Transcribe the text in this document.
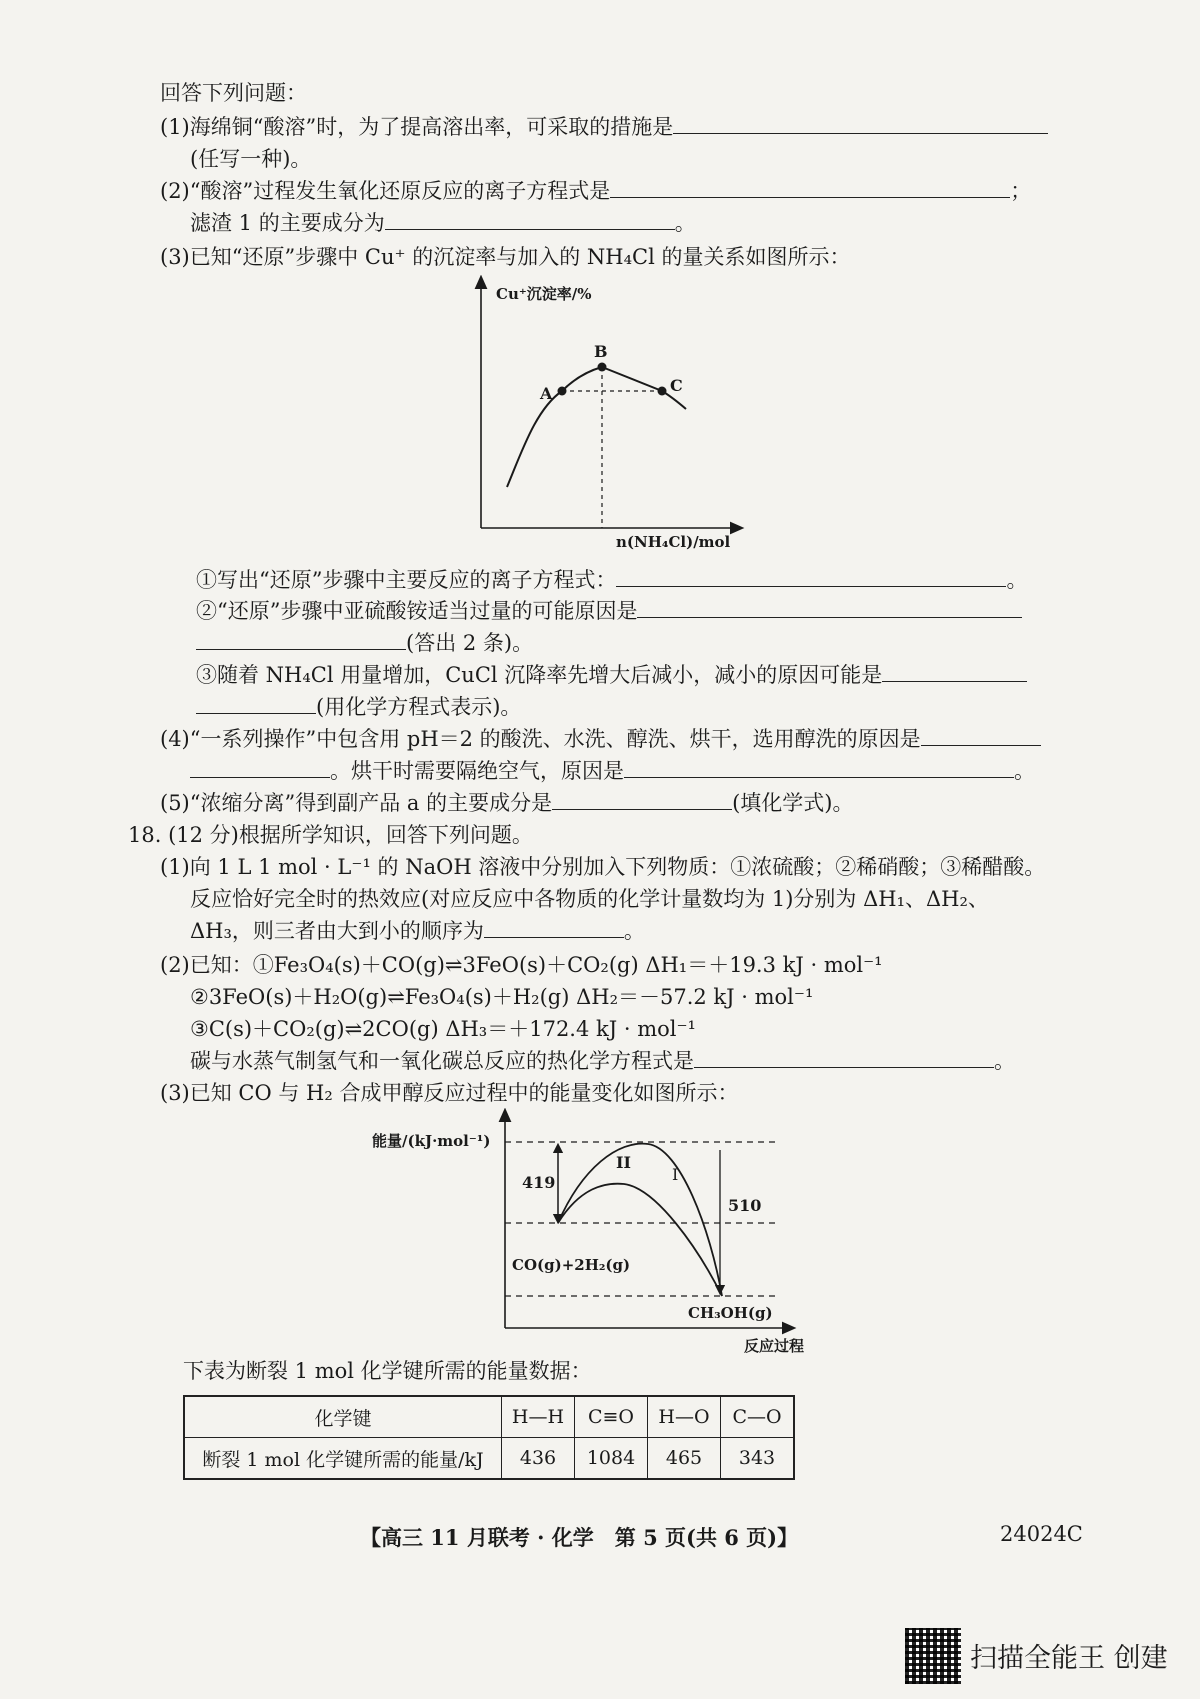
回答下列问题：
(1)海绵铜“酸溶”时，为了提高溶出率，可采取的措施是
(任写一种)。
(2)“酸溶”过程发生氧化还原反应的离子方程式是	；
滤渣 1 的主要成分为	。
(3)已知“还原”步骤中 Cu⁺ 的沉淀率与加入的 NH₄Cl 的量关系如图所示：
Cu⁺沉淀率/%
n(NH₄Cl)/mol
A
B
C
①写出“还原”步骤中主要反应的离子方程式：	。
②“还原”步骤中亚硫酸铵适当过量的可能原因是
(答出 2 条)。
③随着 NH₄Cl 用量增加，CuCl 沉降率先增大后减小，减小的原因可能是
(用化学方程式表示)。
(4)“一系列操作”中包含用 pH＝2 的酸洗、水洗、醇洗、烘干，选用醇洗的原因是
。烘干时需要隔绝空气，原因是	。
(5)“浓缩分离”得到副产品 a 的主要成分是	(填化学式)。
18. (12 分)根据所学知识，回答下列问题。
(1)向 1 L 1 mol · L⁻¹ 的 NaOH 溶液中分别加入下列物质：①浓硫酸；②稀硝酸；③稀醋酸。
反应恰好完全时的热效应(对应反应中各物质的化学计量数均为 1)分别为 ΔH₁、ΔH₂、
ΔH₃，则三者由大到小的顺序为	。
(2)已知：①Fe₃O₄(s)＋CO(g)⇌3FeO(s)＋CO₂(g) ΔH₁＝＋19.3 kJ · mol⁻¹
②3FeO(s)＋H₂O(g)⇌Fe₃O₄(s)＋H₂(g) ΔH₂＝－57.2 kJ · mol⁻¹
③C(s)＋CO₂(g)⇌2CO(g) ΔH₃＝＋172.4 kJ · mol⁻¹
碳与水蒸气制氢气和一氧化碳总反应的热化学方程式是	。
(3)已知 CO 与 H₂ 合成甲醇反应过程中的能量变化如图所示：
能量/(kJ·mol⁻¹)
反应过程
419
510
I
II
CO(g)+2H₂(g)
CH₃OH(g)
下表为断裂 1 mol 化学键所需的能量数据：
化学键	H—H	C≡O	H—O	C—O
断裂 1 mol 化学键所需的能量/kJ	436	1084	465	343
【高三 11 月联考 · 化学　第 5 页(共 6 页)】	24024C
扫描全能王 创建
